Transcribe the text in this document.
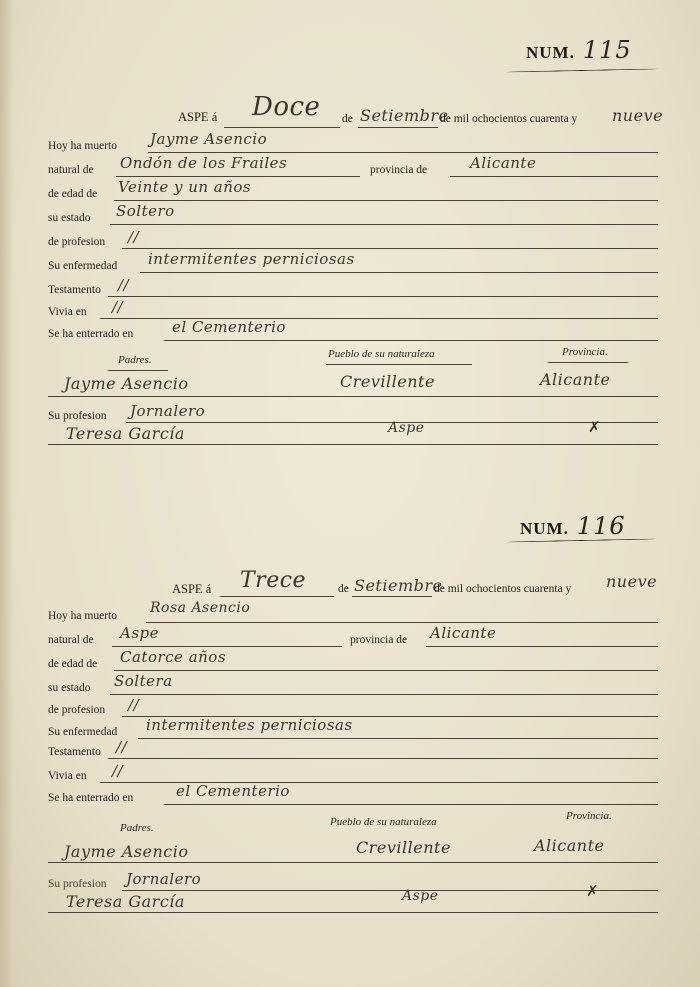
NUM. 115
ASPE á Doce de Setiembre
de mil ochocientos cuarenta y nueve
Hoy ha muerto Jayme Asencio
natural de Ondón de los Frailes	provincia de	Alicante
de edad de Veinte y un años
su estado Soltero
de profesion //
Su enfermedad intermitentes perniciosas
Testamento //
Vivia en //
Se ha enterrado en	el Cementerio
Padres.	Pueblo de su naturaleza	Provincia.
Jayme Asencio	Crevillente	Alicante
Su profesion Jornalero
Teresa García	Aspe	✗
NUM. 116
ASPE á Trece	de Setiembre
de mil ochocientos cuarenta y nueve
Hoy ha muerto Rosa Asencio
natural de Aspe	provincia de Alicante
de edad de Catorce años
su estado Soltera
de profesion //
Su enfermedad intermitentes perniciosas
Testamento //
Vivia en //
Se ha enterrado en	el Cementerio
Padres.	Pueblo de su naturaleza	Provincia.
Jayme Asencio	Crevillente	Alicante
Su profesion Jornalero
Teresa García	Aspe	✗
